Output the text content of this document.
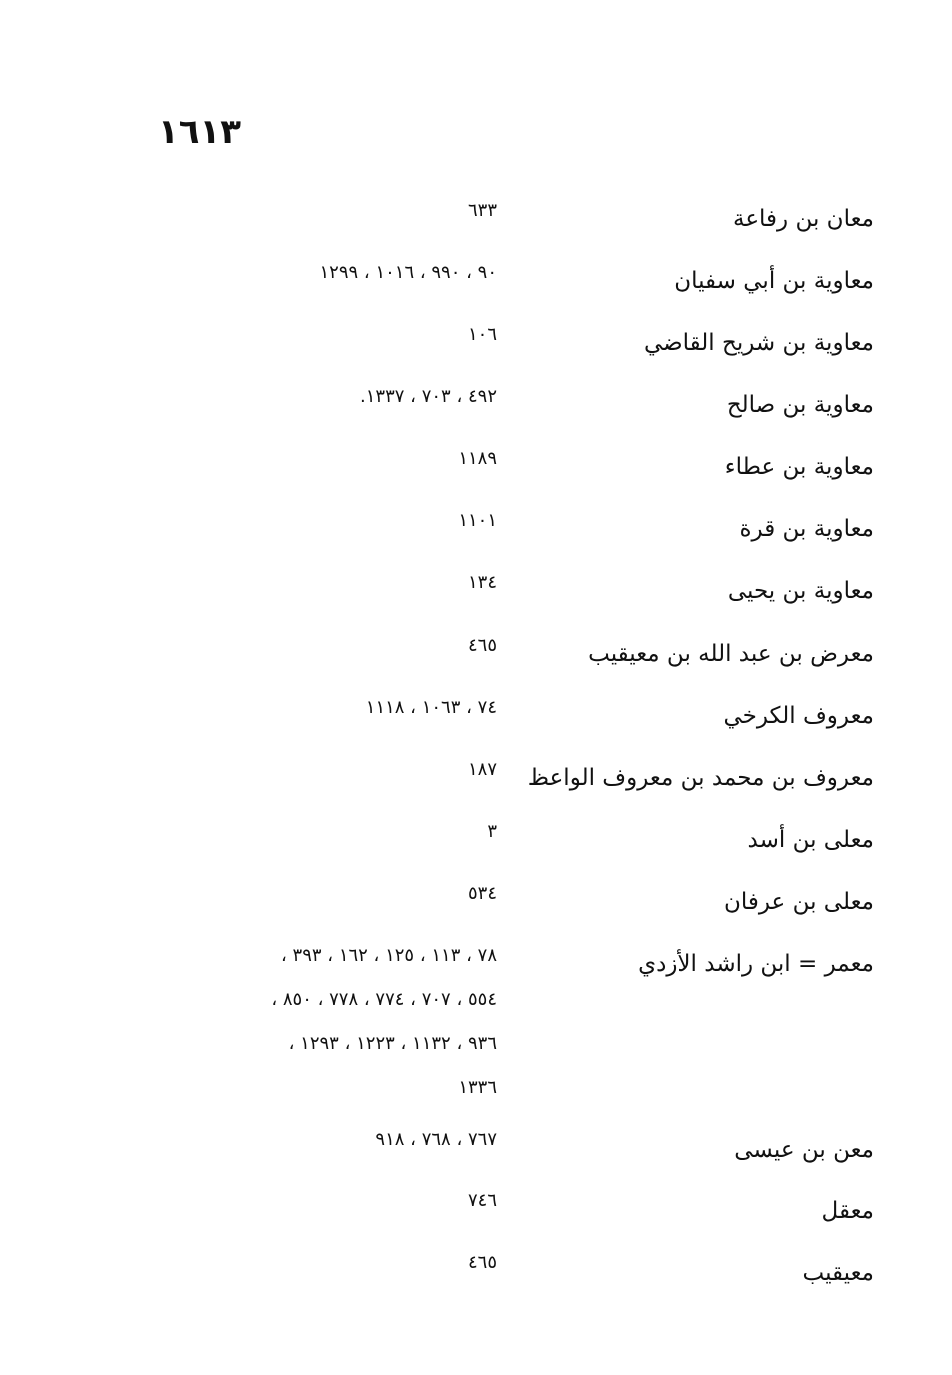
١٦١٣
معان بن رفاعة
٦٣٣
معاوية بن أبي سفيان
٩٠ ، ٩٩٠ ، ١٠١٦ ، ١٢٩٩
معاوية بن شريح القاضي
١٠٦
معاوية بن صالح
٤٩٢ ، ٧٠٣ ، ١٣٣٧.
معاوية بن عطاء
١١٨٩
معاوية بن قرة
١١٠١
معاوية بن يحيى
١٣٤
معرض بن عبد الله بن معيقيب
٤٦٥
معروف الكرخي
٧٤ ، ١٠٦٣ ، ١١١٨
معروف بن محمد بن معروف الواعظ
١٨٧
معلى بن أسد
٣
معلى بن عرفان
٥٣٤
معمر = ابن راشد الأزدي
٧٨ ، ١١٣ ، ١٢٥ ، ١٦٢ ، ٣٩٣ ،
٥٥٤ ، ٧٠٧ ، ٧٧٤ ، ٧٧٨ ، ٨٥٠ ،
٩٣٦ ، ١١٣٢ ، ١٢٢٣ ، ١٢٩٣ ،
١٣٣٦
معن بن عيسى
٧٦٧ ، ٧٦٨ ، ٩١٨
معقل
٧٤٦
معيقيب
٤٦٥
